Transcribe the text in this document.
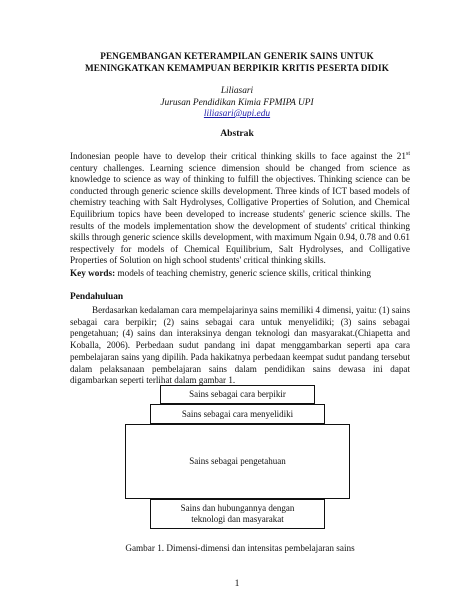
PENGEMBANGAN KETERAMPILAN GENERIK SAINS UNTUK
MENINGKATKAN KEMAMPUAN BERPIKIR KRITIS PESERTA DIDIK
Liliasari
Jurusan Pendidikan Kimia FPMIPA UPI
liliasari@upi.edu
Abstrak
Indonesian people have to develop their critical thinking skills to face against the 21st century challenges. Learning science dimension should be changed from science as knowledge to science as way of thinking to fulfill the objectives. Thinking science can be conducted through generic science skills development. Three kinds of ICT based models of chemistry teaching with Salt Hydrolyses, Colligative Properties of Solution, and Chemical Equilibrium topics have been developed to increase students' generic science skills. The results of the models implementation show the development of students' critical thinking skills through generic science skills development, with maximum Ngain 0.94, 0.78 and 0.61 respectively for models of Chemical Equilibrium, Salt Hydrolyses, and Colligative Properties of Solution on high school students' critical thinking skills.
Key words: models of teaching chemistry, generic science skills, critical thinking
Pendahuluan
Berdasarkan kedalaman cara mempelajarinya sains memiliki 4 dimensi, yaitu: (1) sains sebagai cara berpikir; (2) sains sebagai cara untuk menyelidiki; (3) sains sebagai pengetahuan; (4) sains dan interaksinya dengan teknologi dan masyarakat.(Chiapetta and Koballa, 2006). Perbedaan sudut pandang ini dapat menggambarkan seperti apa cara pembelajaran sains yang dipilih. Pada hakikatnya perbedaan keempat sudut pandang tersebut dalam pelaksanaan pembelajaran sains dalam pendidikan sains dewasa ini dapat digambarkan seperti terlihat dalam gambar 1.
Sains sebagai cara berpikir
Sains sebagai cara menyelidiki
Sains sebagai pengetahuan
Sains dan hubungannya dengan teknologi dan masyarakat
Gambar 1. Dimensi-dimensi dan intensitas pembelajaran sains
1
